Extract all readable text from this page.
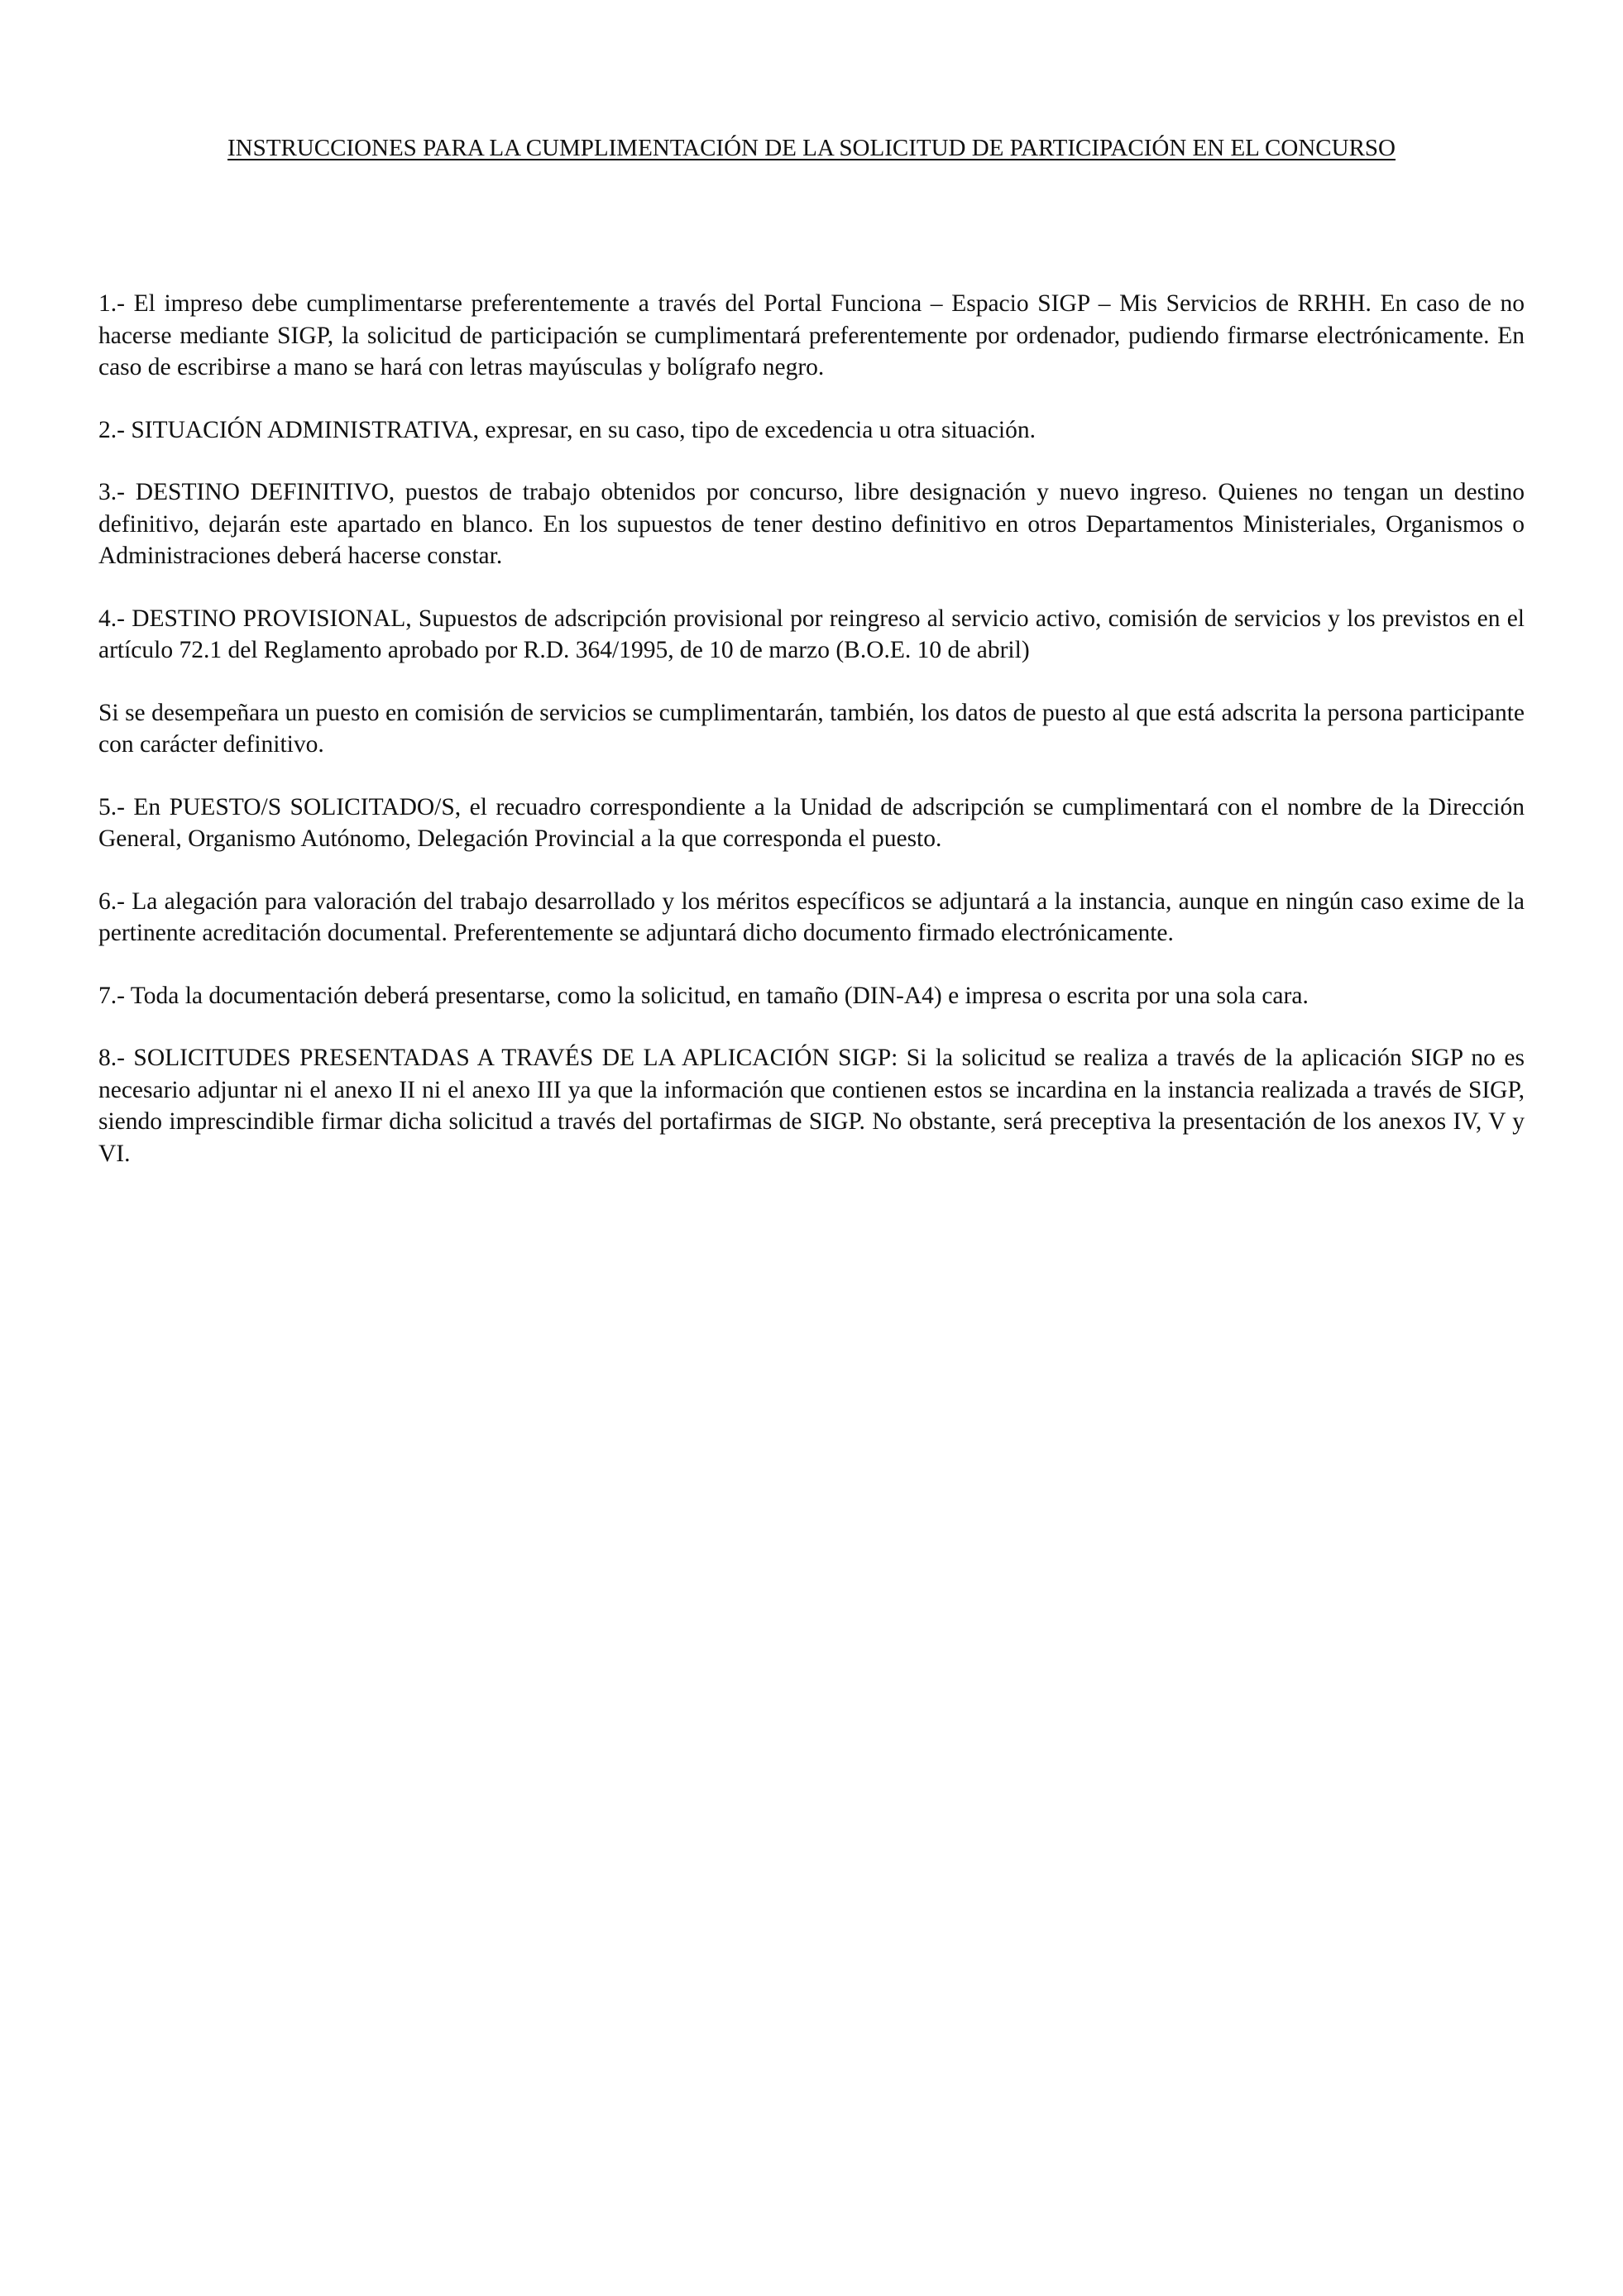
INSTRUCCIONES PARA LA CUMPLIMENTACIÓN DE LA SOLICITUD DE PARTICIPACIÓN EN EL CONCURSO

1.- El impreso debe cumplimentarse preferentemente a través del Portal Funciona – Espacio SIGP – Mis Servicios de RRHH. En caso de no hacerse mediante SIGP, la solicitud de participación se cumplimentará preferentemente por ordenador, pudiendo firmarse electrónicamente. En caso de escribirse a mano se hará con letras mayúsculas y bolígrafo negro.

2.- SITUACIÓN ADMINISTRATIVA, expresar, en su caso, tipo de excedencia u otra situación.

3.- DESTINO DEFINITIVO, puestos de trabajo obtenidos por concurso, libre designación y nuevo ingreso. Quienes no tengan un destino definitivo, dejarán este apartado en blanco. En los supuestos de tener destino definitivo en otros Departamentos Ministeriales, Organismos o Administraciones deberá hacerse constar.

4.- DESTINO PROVISIONAL, Supuestos de adscripción provisional por reingreso al servicio activo, comisión de servicios y los previstos en el artículo 72.1 del Reglamento aprobado por R.D. 364/1995, de 10 de marzo (B.O.E. 10 de abril)

Si se desempeñara un puesto en comisión de servicios se cumplimentarán, también, los datos de puesto al que está adscrita la persona participante con carácter definitivo.

5.- En PUESTO/S SOLICITADO/S, el recuadro correspondiente a la Unidad de adscripción se cumplimentará con el nombre de la Dirección General, Organismo Autónomo, Delegación Provincial a la que corresponda el puesto.

6.- La alegación para valoración del trabajo desarrollado y los méritos específicos se adjuntará a la instancia, aunque en ningún caso exime de la pertinente acreditación documental. Preferentemente se adjuntará dicho documento firmado electrónicamente.

7.- Toda la documentación deberá presentarse, como la solicitud, en tamaño (DIN-A4) e impresa o escrita por una sola cara.

8.- SOLICITUDES PRESENTADAS A TRAVÉS DE LA APLICACIÓN SIGP: Si la solicitud se realiza a través de la aplicación SIGP no es necesario adjuntar ni el anexo II ni el anexo III ya que la información que contienen estos se incardina en la instancia realizada a través de SIGP, siendo imprescindible firmar dicha solicitud a través del portafirmas de SIGP. No obstante, será preceptiva la presentación de los anexos IV, V y VI.
